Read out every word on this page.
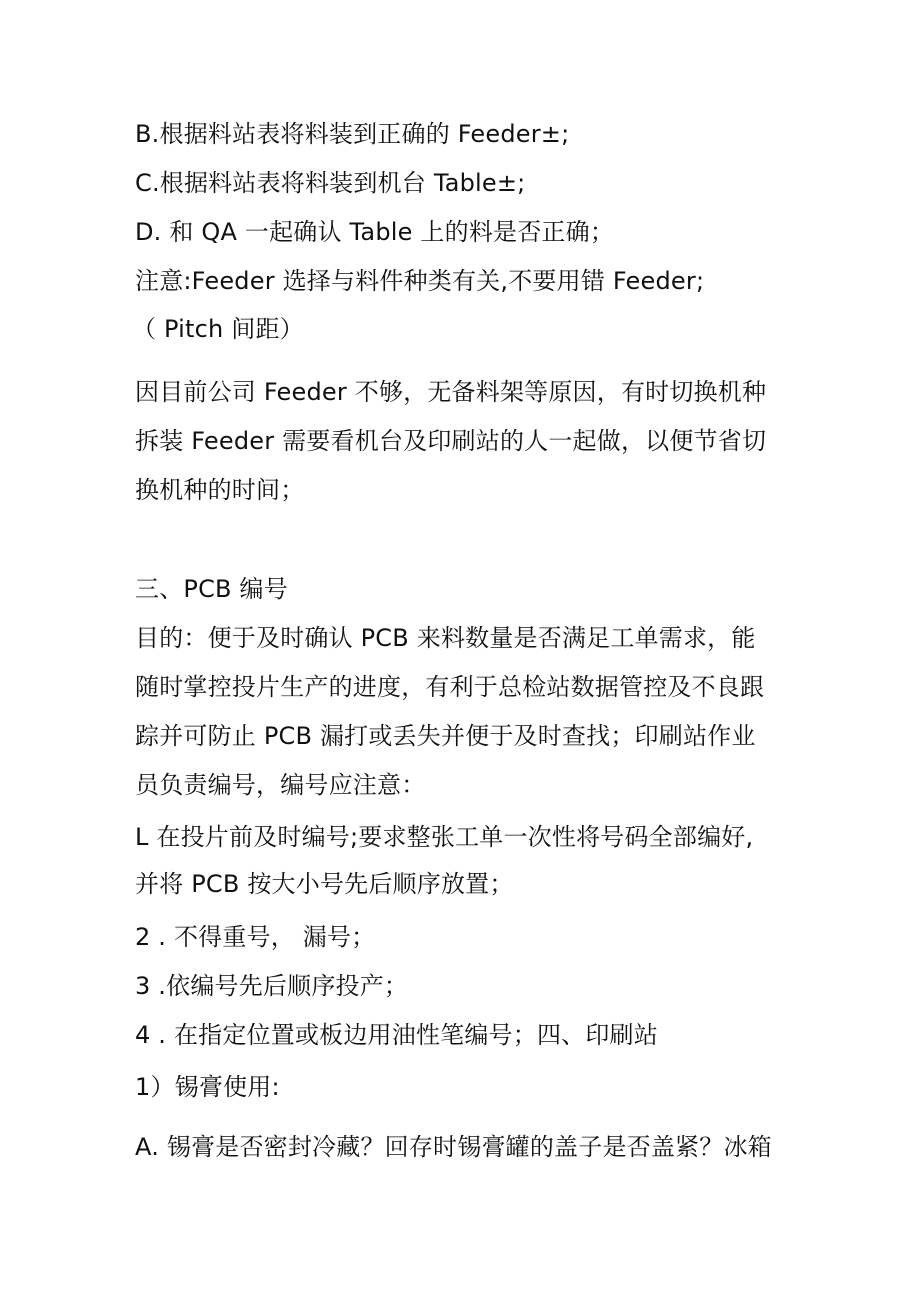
B.根据料站表将料装到正确的 Feeder±;
C.根据料站表将料装到机台 Table±;
D. 和 QA 一起确认 Table 上的料是否正确；
注意:Feeder 选择与料件种类有关,不要用错 Feeder;
（ Pitch 间距）
因目前公司 Feeder 不够，无备料架等原因，有时切换机种
拆装 Feeder 需要看机台及印刷站的人一起做，以便节省切
换机种的时间；
三、PCB 编号
目的：便于及时确认 PCB 来料数量是否满足工单需求，能
随时掌控投片生产的进度，有利于总检站数据管控及不良跟
踪并可防止 PCB 漏打或丢失并便于及时查找；印刷站作业
员负责编号，编号应注意：
L 在投片前及时编号;要求整张工单一次性将号码全部编好,
并将 PCB 按大小号先后顺序放置；
2 . 不得重号， 漏号；
3 .依编号先后顺序投产；
4 . 在指定位置或板边用油性笔编号；四、印刷站
1）锡膏使用:
A. 锡膏是否密封冷藏？回存时锡膏罐的盖子是否盖紧？冰箱
